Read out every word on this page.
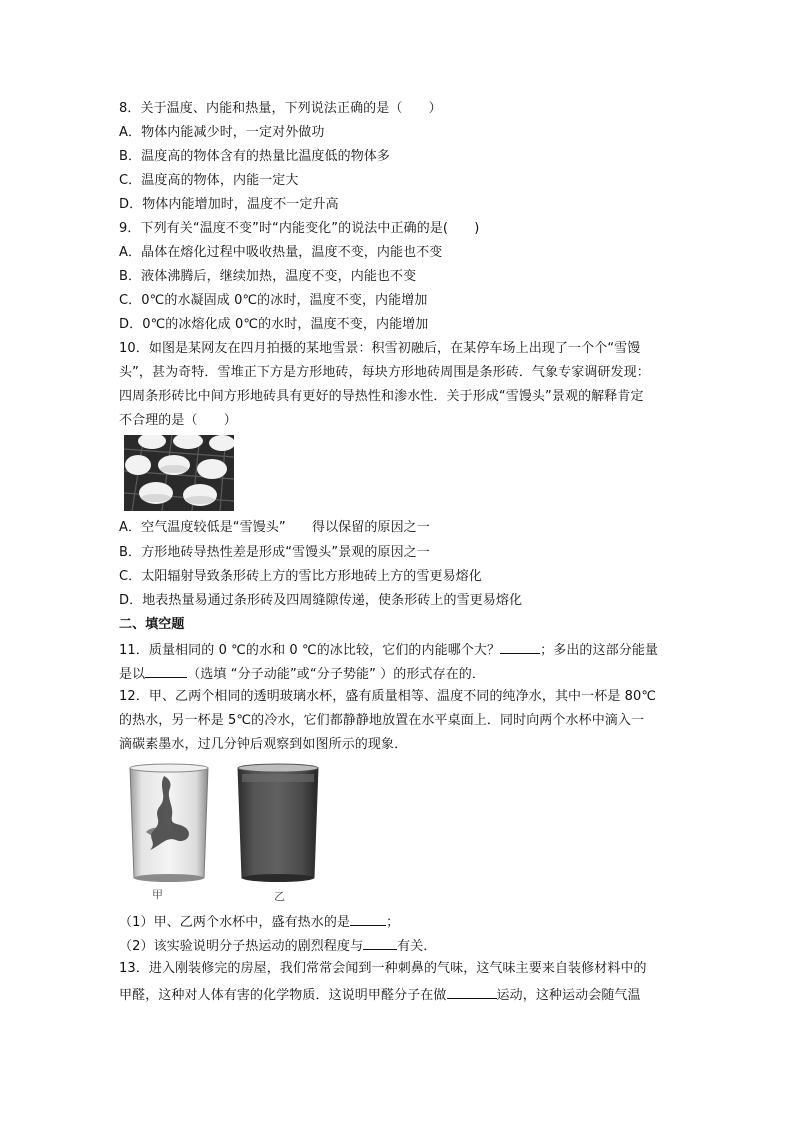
8．关于温度、内能和热量，下列说法正确的是（　　）
A．物体内能减少时，一定对外做功
B．温度高的物体含有的热量比温度低的物体多
C．温度高的物体，内能一定大
D．物体内能增加时，温度不一定升高
9．下列有关“温度不变”时“内能变化”的说法中正确的是(　　)
A．晶体在熔化过程中吸收热量，温度不变，内能也不变
B．液体沸腾后，继续加热，温度不变，内能也不变
C．0℃的水凝固成 0℃的冰时，温度不变，内能增加
D．0℃的冰熔化成 0℃的水时，温度不变，内能增加
10．如图是某网友在四月拍摄的某地雪景：积雪初融后，在某停车场上出现了一个个“雪馒
头”，甚为奇特．雪堆正下方是方形地砖，每块方形地砖周围是条形砖．气象专家调研发现：
四周条形砖比中间方形地砖具有更好的导热性和渗水性．关于形成“雪馒头”景观的解释肯定
不合理的是（　　）
A．空气温度较低是“雪馒头”　　得以保留的原因之一
B．方形地砖导热性差是形成“雪馒头”景观的原因之一
C．太阳辐射导致条形砖上方的雪比方形地砖上方的雪更易熔化
D．地表热量易通过条形砖及四周缝隙传递，使条形砖上的雪更易熔化
二、填空题
11．质量相同的 0 ℃的水和 0 ℃的冰比较，它们的内能哪个大？	；多出的这部分能量
是以	（选填 “分子动能”或“分子势能” ）的形式存在的．
12．甲、乙两个相同的透明玻璃水杯，盛有质量相等、温度不同的纯净水，其中一杯是 80℃
的热水，另一杯是 5℃的冷水，它们都静静地放置在水平桌面上．同时向两个水杯中滴入一
滴碳素墨水，过几分钟后观察到如图所示的现象．
甲	乙
（1）甲、乙两个水杯中，盛有热水的是	；
（2）该实验说明分子热运动的剧烈程度与	有关．
13．进入刚装修完的房屋，我们常常会闻到一种刺鼻的气味，这气味主要来自装修材料中的
甲醛，这种对人体有害的化学物质．这说明甲醛分子在做	运动，这种运动会随气温
